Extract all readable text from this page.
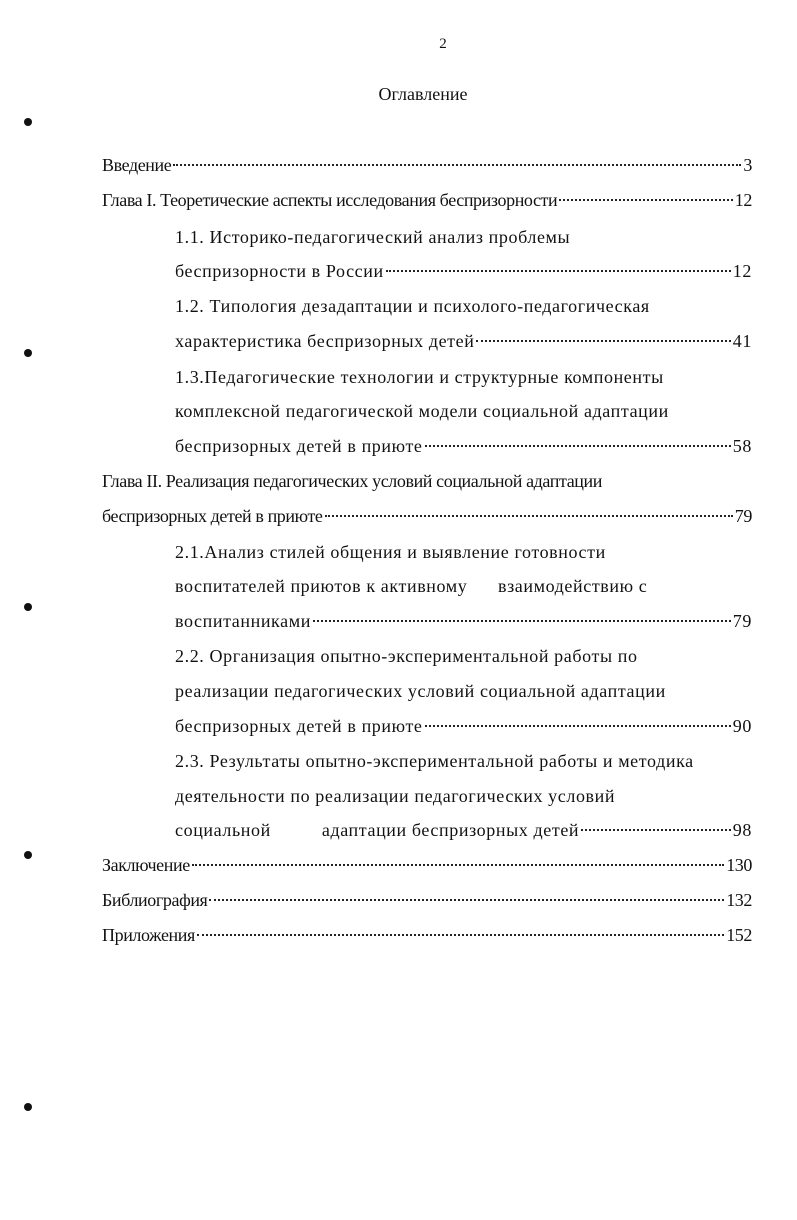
2
Оглавление
Введение	3
Глава I. Теоретические аспекты исследования беспризорности	12
1.1. Историко-педагогический анализ проблемы
беспризорности в России	12
1.2. Типология дезадаптации и психолого-педагогическая
характеристика беспризорных детей	41
1.3.Педагогические технологии и структурные компоненты
комплексной педагогической модели социальной адаптации
беспризорных детей в приюте	58
Глава II. Реализация педагогических условий социальной адаптации
беспризорных детей в приюте	79
2.1.Анализ стилей общения и выявление готовности
воспитателей приютов к активному      взаимодействию с
воспитанниками	79
2.2. Организация опытно-экспериментальной работы по
реализации педагогических условий социальной адаптации
беспризорных детей в приюте	90
2.3. Результаты опытно-экспериментальной работы и методика
деятельности по реализации педагогических условий
социальной          адаптации беспризорных детей	98
Заключение	130
Библиография	132
Приложения	152
